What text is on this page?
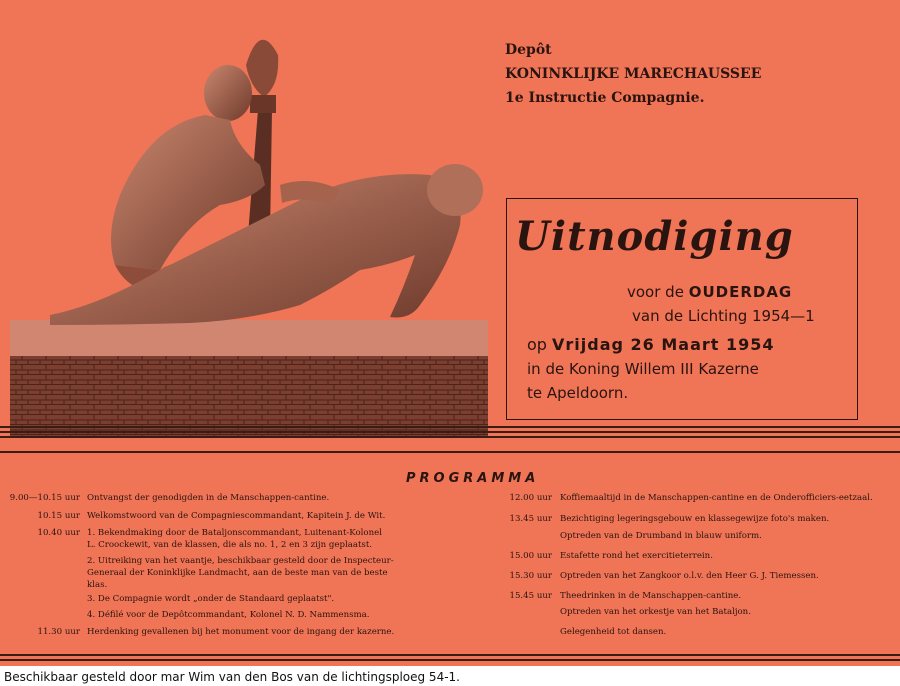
Depôt
KONINKLIJKE MARECHAUSSEE
1e Instructie Compagnie.
Uitnodiging
voor de OUDERDAG
van de Lichting 1954—1
op Vrijdag 26 Maart 1954
in de Koning Willem III Kazerne
te Apeldoorn.
PROGRAMMA
9.00—10.15 uur Ontvangst der genodigden in de Manschappen-cantine.
10.15 uur Welkomstwoord van de Compagniescommandant, Kapitein J. de Wit.
10.40 uur 1. Bekendmaking door de Bataljonscommandant, Luitenant-Kolonel
L. Croockewit, van de klassen, die als no. 1, 2 en 3 zijn geplaatst.
2. Uitreiking van het vaantje, beschikbaar gesteld door de Inspecteur-
Generaal der Koninklijke Landmacht, aan de beste man van de beste
klas.
3. De Compagnie wordt „onder de Standaard geplaatst".
4. Défilé voor de Depôtcommandant, Kolonel N. D. Nammensma.
11.30 uur Herdenking gevallenen bij het monument voor de ingang der kazerne.
12.00 uur Koffiemaaltijd in de Manschappen-cantine en de Onderofficiers-eetzaal.
13.45 uur Bezichtiging legeringsgebouw en klassegewijze foto's maken.
Optreden van de Drumband in blauw uniform.
15.00 uur Estafette rond het exercitieterrein.
15.30 uur Optreden van het Zangkoor o.l.v. den Heer G. J. Tiemessen.
15.45 uur Theedrinken in de Manschappen-cantine.
Optreden van het orkestje van het Bataljon.
Gelegenheid tot dansen.
Beschikbaar gesteld door mar Wim van den Bos van de lichtingsploeg 54-1.
